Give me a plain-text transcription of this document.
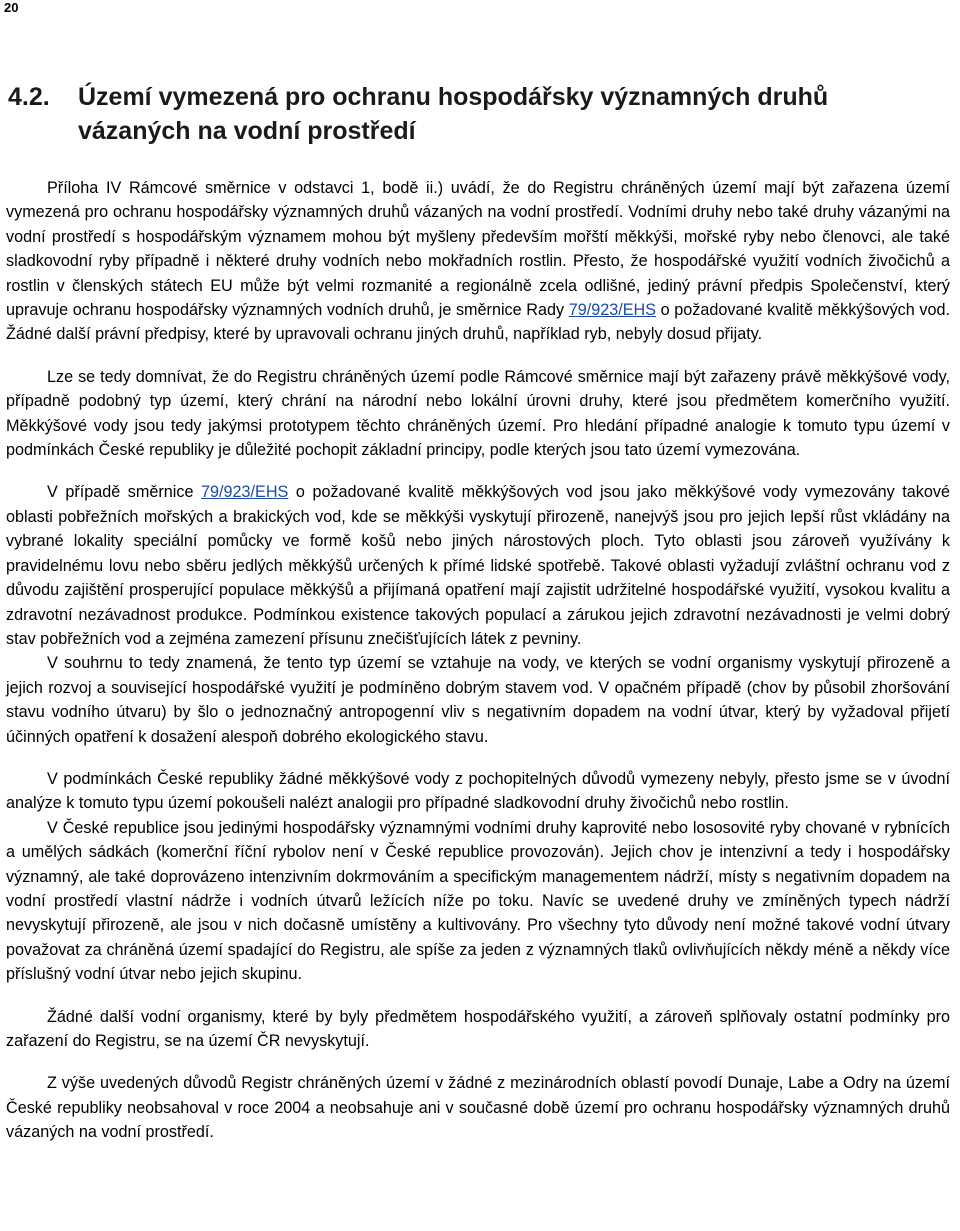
20
4.2. Území vymezená pro ochranu hospodářsky významných druhů
vázaných na vodní prostředí

Příloha IV Rámcové směrnice v odstavci 1, bodě ii.) uvádí, že do Registru chráněných území mají být zařazena území vymezená pro ochranu hospodářsky významných druhů vázaných na vodní prostředí. Vodními druhy nebo také druhy vázanými na vodní prostředí s hospodářským významem mohou být myšleny především mořští měkkýši, mořské ryby nebo členovci, ale také sladkovodní ryby případně i některé druhy vodních nebo mokřadních rostlin. Přesto, že hospodářské využití vodních živočichů a rostlin v členských státech EU může být velmi rozmanité a regionálně zcela odlišné, jediný právní předpis Společenství, který upravuje ochranu hospodářsky významných vodních druhů, je směrnice Rady 79/923/EHS o požadované kvalitě měkkýšových vod. Žádné další právní předpisy, které by upravovali ochranu jiných druhů, například ryb, nebyly dosud přijaty.

Lze se tedy domnívat, že do Registru chráněných území podle Rámcové směrnice mají být zařazeny právě měkkýšové vody, případně podobný typ území, který chrání na národní nebo lokální úrovni druhy, které jsou předmětem komerčního využití. Měkkýšové vody jsou tedy jakýmsi prototypem těchto chráněných území. Pro hledání případné analogie k tomuto typu území v podmínkách České republiky je důležité pochopit základní principy, podle kterých jsou tato území vymezována.

V případě směrnice 79/923/EHS o požadované kvalitě měkkýšových vod jsou jako měkkýšové vody vymezovány takové oblasti pobřežních mořských a brakických vod, kde se měkkýši vyskytují přirozeně, nanejvýš jsou pro jejich lepší růst vkládány na vybrané lokality speciální pomůcky ve formě košů nebo jiných nárostových ploch. Tyto oblasti jsou zároveň využívány k pravidelnému lovu nebo sběru jedlých měkkýšů určených k přímé lidské spotřebě. Takové oblasti vyžadují zvláštní ochranu vod z důvodu zajištění prosperující populace měkkýšů a přijímaná opatření mají zajistit udržitelné hospodářské využití, vysokou kvalitu a zdravotní nezávadnost produkce. Podmínkou existence takových populací a zárukou jejich zdravotní nezávadnosti je velmi dobrý stav pobřežních vod a zejména zamezení přísunu znečišťujících látek z pevniny.

V souhrnu to tedy znamená, že tento typ území se vztahuje na vody, ve kterých se vodní organismy vyskytují přirozeně a jejich rozvoj a související hospodářské využití je podmíněno dobrým stavem vod. V opačném případě (chov by působil zhoršování stavu vodního útvaru) by šlo o jednoznačný antropogenní vliv s negativním dopadem na vodní útvar, který by vyžadoval přijetí účinných opatření k dosažení alespoň dobrého ekologického stavu.

V podmínkách České republiky žádné měkkýšové vody z pochopitelných důvodů vymezeny nebyly, přesto jsme se v úvodní analýze k tomuto typu území pokoušeli nalézt analogii pro případné sladkovodní druhy živočichů nebo rostlin.

V České republice jsou jedinými hospodářsky významnými vodními druhy kaprovité nebo lososovité ryby chované v rybnících a umělých sádkách (komerční říční rybolov není v České republice provozován). Jejich chov je intenzivní a tedy i hospodářsky významný, ale také doprovázeno intenzivním dokrmováním a specifickým managementem nádrží, místy s negativním dopadem na vodní prostředí vlastní nádrže i vodních útvarů ležících níže po toku. Navíc se uvedené druhy ve zmíněných typech nádrží nevyskytují přirozeně, ale jsou v nich dočasně umístěny a kultivovány. Pro všechny tyto důvody není možné takové vodní útvary považovat za chráněná území spadající do Registru, ale spíše za jeden z významných tlaků ovlivňujících někdy méně a někdy více příslušný vodní útvar nebo jejich skupinu.

Žádné další vodní organismy, které by byly předmětem hospodářského využití, a zároveň splňovaly ostatní podmínky pro zařazení do Registru, se na území ČR nevyskytují.

Z výše uvedených důvodů Registr chráněných území v žádné z mezinárodních oblastí povodí Dunaje, Labe a Odry na území České republiky neobsahoval v roce 2004 a neobsahuje ani v současné době území pro ochranu hospodářsky významných druhů vázaných na vodní prostředí.
